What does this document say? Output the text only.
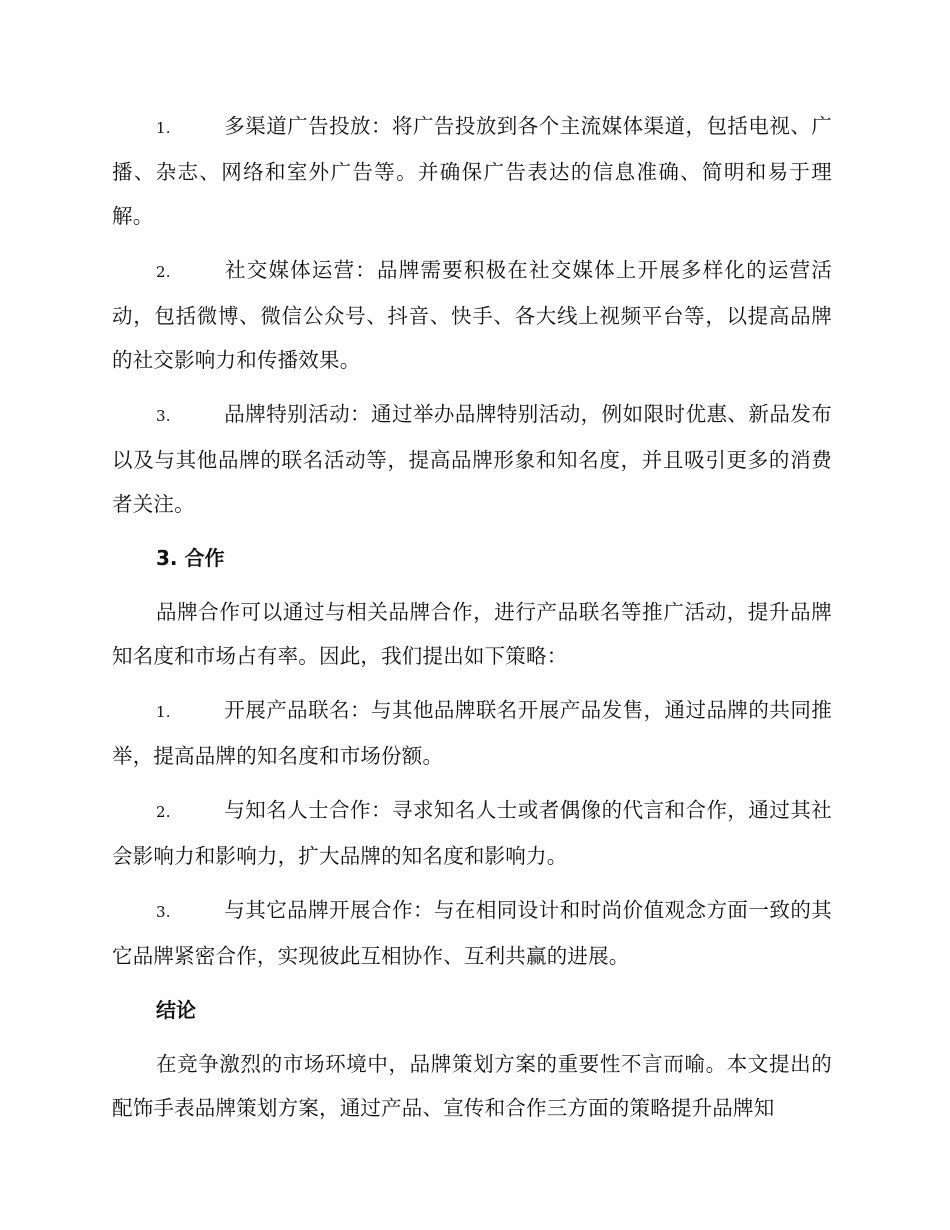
1.	多渠道广告投放：将广告投放到各个主流媒体渠道，包括电视、广播、杂志、网络和室外广告等。并确保广告表达的信息准确、简明和易于理解。

2.	社交媒体运营：品牌需要积极在社交媒体上开展多样化的运营活动，包括微博、微信公众号、抖音、快手、各大线上视频平台等，以提高品牌的社交影响力和传播效果。

3.	品牌特别活动：通过举办品牌特别活动，例如限时优惠、新品发布以及与其他品牌的联名活动等，提高品牌形象和知名度，并且吸引更多的消费者关注。

3. 合作

品牌合作可以通过与相关品牌合作，进行产品联名等推广活动，提升品牌知名度和市场占有率。因此，我们提出如下策略：

1.	开展产品联名：与其他品牌联名开展产品发售，通过品牌的共同推举，提高品牌的知名度和市场份额。

2.	与知名人士合作：寻求知名人士或者偶像的代言和合作，通过其社会影响力和影响力，扩大品牌的知名度和影响力。

3.	与其它品牌开展合作：与在相同设计和时尚价值观念方面一致的其它品牌紧密合作，实现彼此互相协作、互利共赢的进展。

结论

在竞争激烈的市场环境中，品牌策划方案的重要性不言而喻。本文提出的配饰手表品牌策划方案，通过产品、宣传和合作三方面的策略提升品牌知
